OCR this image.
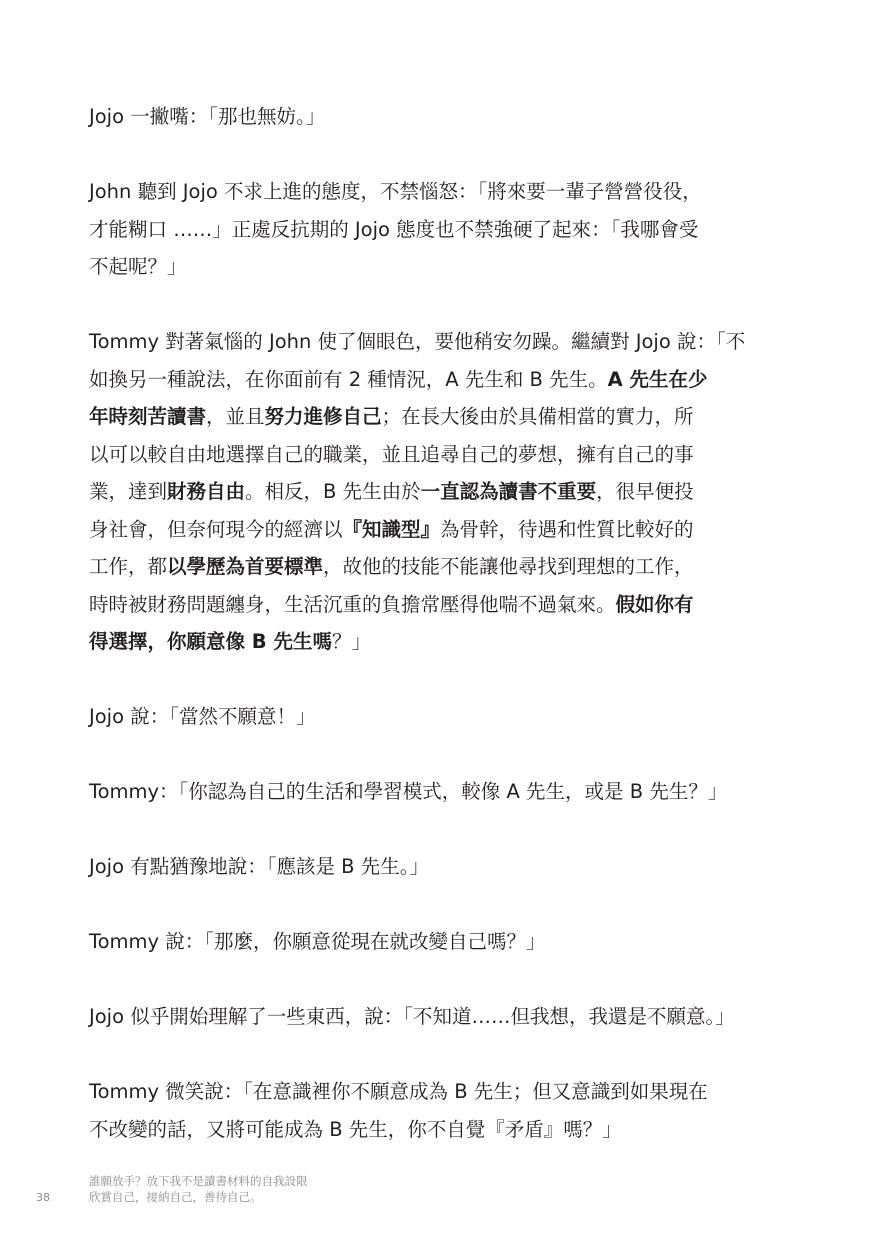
Jojo 一撇嘴：「那也無妨。」

John 聽到 Jojo 不求上進的態度，不禁惱怒：「將來要一輩子營營役役，
才能糊口 ……」正處反抗期的 Jojo 態度也不禁強硬了起來：「我哪會受
不起呢？」

Tommy 對著氣惱的 John 使了個眼色，要他稍安勿躁。繼續對 Jojo 說：「不
如換另一種說法，在你面前有 2 種情況，A 先生和 B 先生。A 先生在少
年時刻苦讀書，並且努力進修自己；在長大後由於具備相當的實力，所
以可以較自由地選擇自己的職業，並且追尋自己的夢想，擁有自己的事
業，達到財務自由。相反，B 先生由於一直認為讀書不重要，很早便投
身社會，但奈何現今的經濟以『知識型』為骨幹，待遇和性質比較好的
工作，都以學歷為首要標準，故他的技能不能讓他尋找到理想的工作，
時時被財務問題纏身，生活沉重的負擔常壓得他喘不過氣來。假如你有
得選擇，你願意像 B 先生嗎？」

Jojo 說：「當然不願意！」

Tommy：「你認為自己的生活和學習模式，較像 A 先生，或是 B 先生？」

Jojo 有點猶豫地說：「應該是 B 先生。」

Tommy 說：「那麼，你願意從現在就改變自己嗎？」

Jojo 似乎開始理解了一些東西，說：「不知道……但我想，我還是不願意。」

Tommy 微笑說：「在意識裡你不願意成為 B 先生；但又意識到如果現在
不改變的話，又將可能成為 B 先生，你不自覺『矛盾』嗎？」

38
誰願放手？放下我不是讀書材料的自我設限
欣賞自己，接納自己，善待自己。
